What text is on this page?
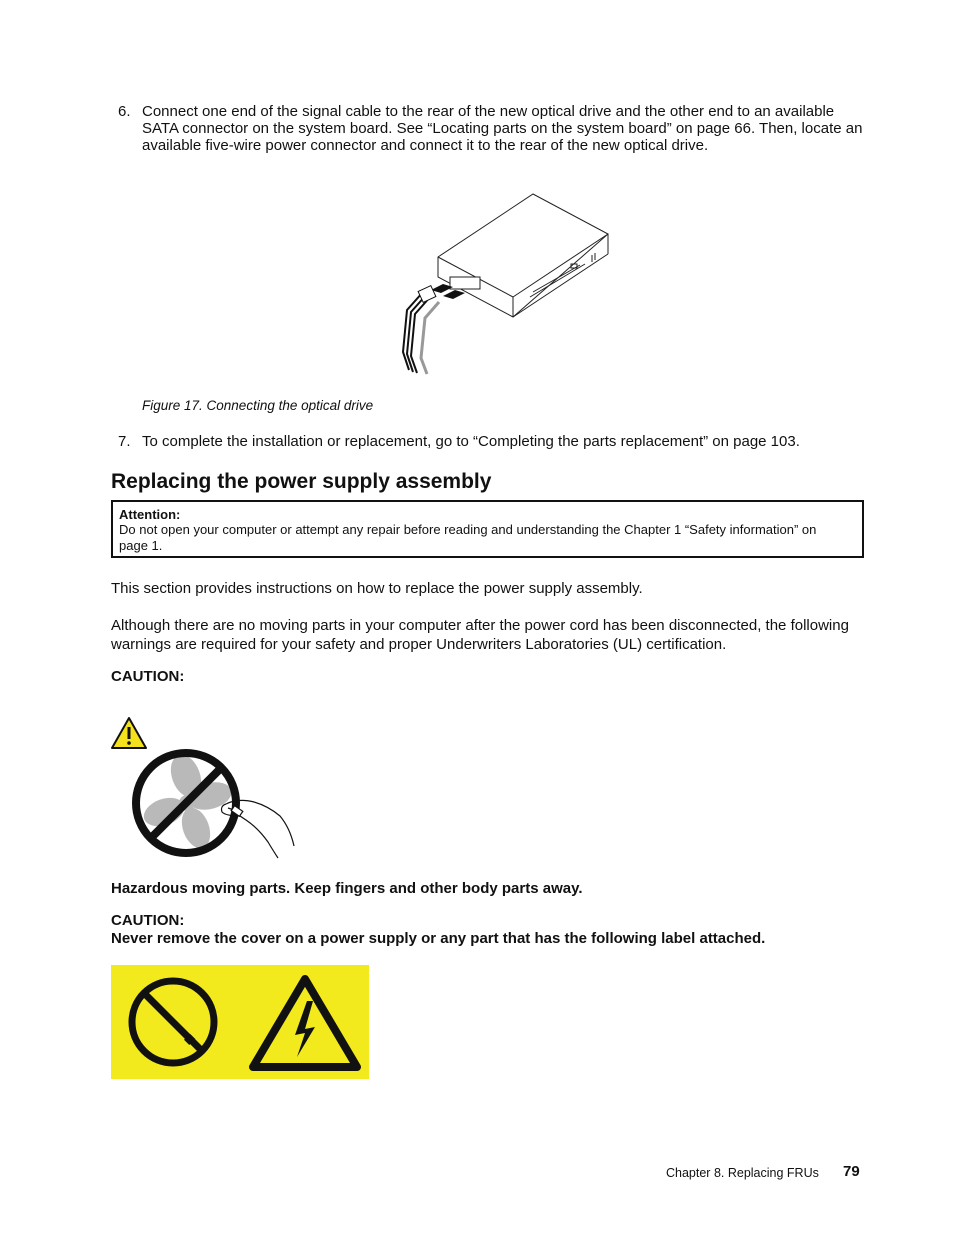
6. Connect one end of the signal cable to the rear of the new optical drive and the other end to an available SATA connector on the system board. See “Locating parts on the system board” on page 66. Then, locate an available five-wire power connector and connect it to the rear of the new optical drive.
Figure 17. Connecting the optical drive
7. To complete the installation or replacement, go to “Completing the parts replacement” on page 103.
Replacing the power supply assembly
Attention:
Do not open your computer or attempt any repair before reading and understanding the Chapter 1 “Safety information” on page 1.
This section provides instructions on how to replace the power supply assembly.
Although there are no moving parts in your computer after the power cord has been disconnected, the following warnings are required for your safety and proper Underwriters Laboratories (UL) certification.
CAUTION:
Hazardous moving parts. Keep fingers and other body parts away.
CAUTION:
Never remove the cover on a power supply or any part that has the following label attached.
Chapter 8. Replacing FRUs 79
